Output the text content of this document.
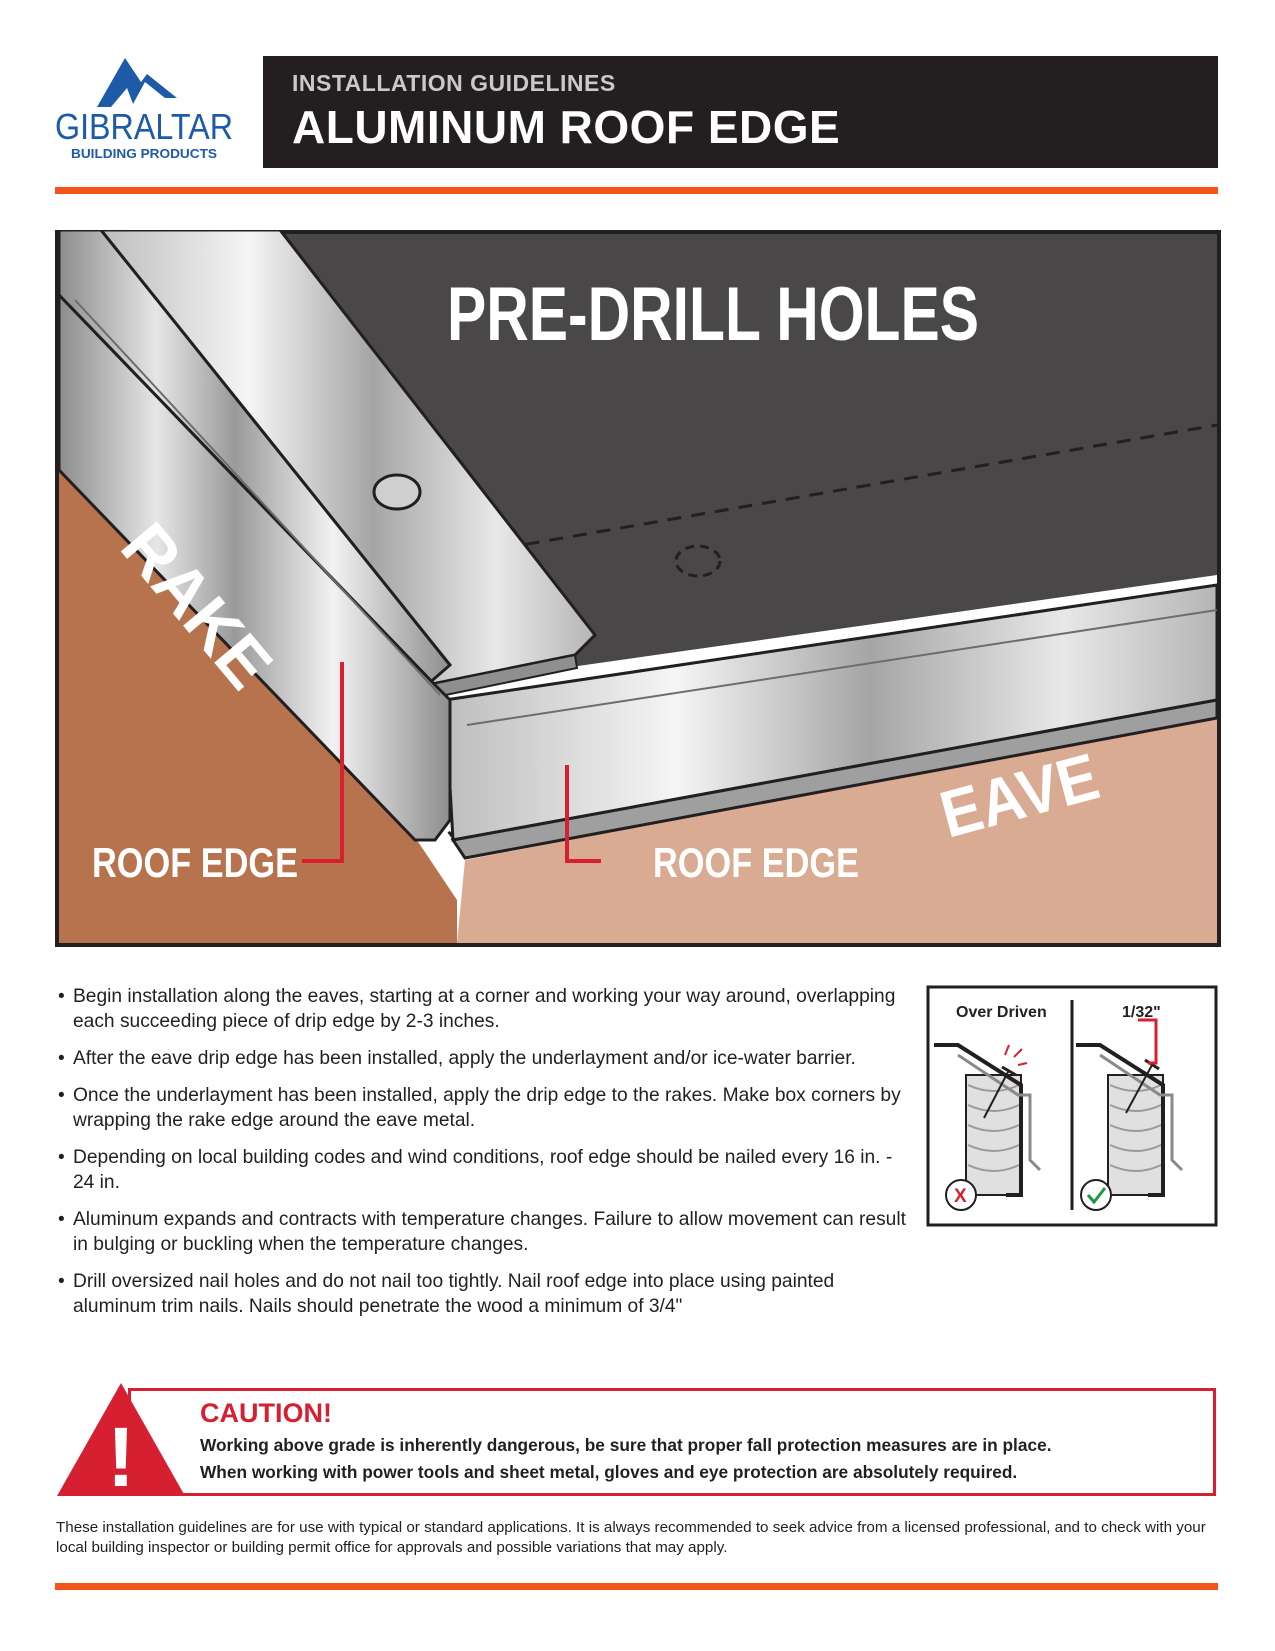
GIBRALTAR
BUILDING PRODUCTS
INSTALLATION GUIDELINES
ALUMINUM ROOF EDGE
PRE-DRILL HOLES
RAKE
EAVE
ROOF EDGE	ROOF EDGE
• Begin installation along the eaves, starting at a corner and working your way around, overlapping each succeeding piece of drip edge by 2-3 inches.
• After the eave drip edge has been installed, apply the underlayment and/or ice-water barrier.
• Once the underlayment has been installed, apply the drip edge to the rakes. Make box corners by wrapping the rake edge around the eave metal.
• Depending on local building codes and wind conditions, roof edge should be nailed every 16 in. - 24 in.
• Aluminum expands and contracts with temperature changes. Failure to allow movement can result in bulging or buckling when the temperature changes.
• Drill oversized nail holes and do not nail too tightly. Nail roof edge into place using painted aluminum trim nails. Nails should penetrate the wood a minimum of 3/4"
Over Driven	1/32"
X
! CAUTION!
Working above grade is inherently dangerous, be sure that proper fall protection measures are in place.
When working with power tools and sheet metal, gloves and eye protection are absolutely required.
These installation guidelines are for use with typical or standard applications. It is always recommended to seek advice from a licensed professional, and to check with your local building inspector or building permit office for approvals and possible variations that may apply.
